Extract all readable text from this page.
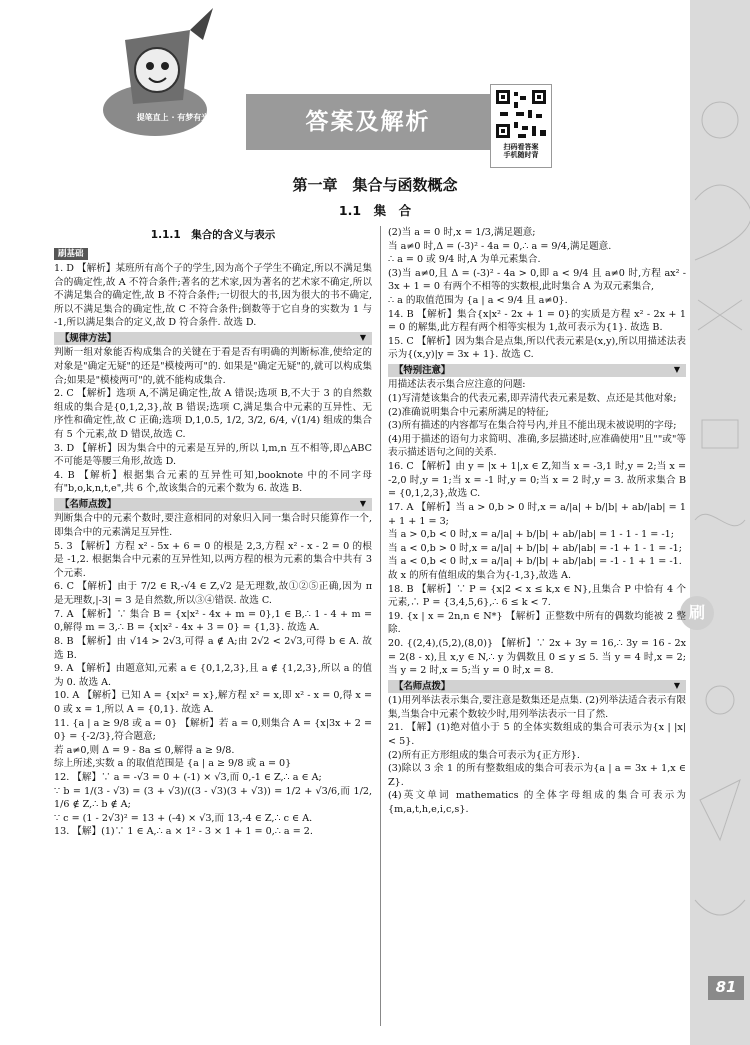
刷
提笔直上 · 有梦有光	答案及解析
扫码看答案
手机随时背
第一章　集合与函数概念
1.1　集　合
1.1.1　集合的含义与表示
刷基础
1. D 【解析】某班所有高个子的学生,因为高个子学生不确定,所以不满足集合的确定性,故 A 不符合条件;著名的艺术家,因为著名的艺术家不确定,所以不满足集合的确定性,故 B 不符合条件;一切很大的书,因为很大的书不确定,所以不满足集合的确定性,故 C 不符合条件;倒数等于它自身的实数为 1 与 -1,所以满足集合的定义,故 D 符合条件. 故选 D.
【规律方法】 ▼
判断一组对象能否构成集合的关键在于看是否有明确的判断标准,使给定的对象是"确定无疑"的还是"模棱两可"的. 如果是"确定无疑"的,就可以构成集合;如果是"模棱两可"的,就不能构成集合.
2. C 【解析】选项 A,不满足确定性,故 A 错误;选项 B,不大于 3 的自然数组成的集合是{0,1,2,3},故 B 错误;选项 C,满足集合中元素的互异性、无序性和确定性,故 C 正确;选项 D,1,0.5, 1/2, 3/2, 6/4, √(1/4) 组成的集合有 5 个元素,故 D 错误,故选 C.
3. D 【解析】因为集合中的元素是互异的,所以 l,m,n 互不相等,即△ABC 不可能是等腰三角形,故选 D.
4. B 【解析】根据集合元素的互异性可知,booknote 中的不同字母有"b,o,k,n,t,e",共 6 个,故该集合的元素个数为 6. 故选 B.
【名师点拨】 ▼
判断集合中的元素个数时,要注意相同的对象归入同一集合时只能算作一个,即集合中的元素满足互异性.
5. 3 【解析】方程 x² - 5x + 6 = 0 的根是 2,3,方程 x² - x - 2 = 0 的根是 -1,2. 根据集合中元素的互异性知,以两方程的根为元素的集合中共有 3 个元素.
6. C 【解析】由于 7/2 ∈ R,-√4 ∈ Z,√2 是无理数,故①②⑤正确,因为 π 是无理数,|-3| = 3 是自然数,所以③④错误. 故选 C.
7. A 【解析】∵ 集合 B = {x|x² - 4x + m = 0},1 ∈ B,∴ 1 - 4 + m = 0,解得 m = 3,∴ B = {x|x² - 4x + 3 = 0} = {1,3}. 故选 A.
8. B 【解析】由 √14 > 2√3,可得 a ∉ A;由 2√2 < 2√3,可得 b ∈ A. 故选 B.
9. A 【解析】由题意知,元素 a ∈ {0,1,2,3},且 a ∉ {1,2,3},所以 a 的值为 0. 故选 A.
10. A 【解析】已知 A = {x|x² = x},解方程 x² = x,即 x² - x = 0,得 x = 0 或 x = 1,所以 A = {0,1}. 故选 A.
11. {a | a ≥ 9/8 或 a = 0} 【解析】若 a = 0,则集合 A = {x|3x + 2 = 0} = {-2/3},符合题意;
若 a≠0,则 Δ = 9 - 8a ≤ 0,解得 a ≥ 9/8.
综上所述,实数 a 的取值范围是 {a | a ≥ 9/8 或 a = 0}
12. 【解】∵ a = -√3 = 0 + (-1) × √3,而 0,-1 ∈ Z,∴ a ∈ A;
∵ b = 1/(3 - √3) = (3 + √3)/((3 - √3)(3 + √3)) = 1/2 + √3/6,而 1/2, 1/6 ∉ Z,∴ b ∉ A;
∵ c = (1 - 2√3)² = 13 + (-4) × √3,而 13,-4 ∈ Z,∴ c ∈ A.
13. 【解】(1)∵ 1 ∈ A,∴ a × 1² - 3 × 1 + 1 = 0,∴ a = 2.
(2)当 a = 0 时,x = 1/3,满足题意;
当 a≠0 时,Δ = (-3)² - 4a = 0,∴ a = 9/4,满足题意.
∴ a = 0 或 9/4 时,A 为单元素集合.
(3)当 a≠0,且 Δ = (-3)² - 4a > 0,即 a < 9/4 且 a≠0 时,方程 ax² - 3x + 1 = 0 有两个不相等的实数根,此时集合 A 为双元素集合,
∴ a 的取值范围为 {a | a < 9/4 且 a≠0}.
14. B 【解析】集合{x|x² - 2x + 1 = 0}的实质是方程 x² - 2x + 1 = 0 的解集,此方程有两个相等实根为 1,故可表示为{1}. 故选 B.
15. C 【解析】因为集合是点集,所以代表元素是(x,y),所以用描述法表示为{(x,y)|y = 3x + 1}. 故选 C.
【特别注意】 ▼
用描述法表示集合应注意的问题:
(1)写清楚该集合的代表元素,即弄清代表元素是数、点还是其他对象;
(2)准确说明集合中元素所满足的特征;
(3)所有描述的内容都写在集合符号内,并且不能出现未被说明的字母;
(4)用于描述的语句力求简明、准确,多层描述时,应准确使用"且""或"等表示描述语句之间的关系.
16. C 【解析】由 y = |x + 1|,x ∈ Z,知当 x = -3,1 时,y = 2;当 x = -2,0 时,y = 1;当 x = -1 时,y = 0;当 x = 2 时,y = 3. 故所求集合 B = {0,1,2,3},故选 C.
17. A 【解析】当 a > 0,b > 0 时,x = a/|a| + b/|b| + ab/|ab| = 1 + 1 + 1 = 3;
当 a > 0,b < 0 时,x = a/|a| + b/|b| + ab/|ab| = 1 - 1 - 1 = -1;
当 a < 0,b > 0 时,x = a/|a| + b/|b| + ab/|ab| = -1 + 1 - 1 = -1;
当 a < 0,b < 0 时,x = a/|a| + b/|b| + ab/|ab| = -1 - 1 + 1 = -1.
故 x 的所有值组成的集合为{-1,3},故选 A.
18. B 【解析】∵ P = {x|2 < x ≤ k,x ∈ N},且集合 P 中恰有 4 个元素,∴ P = {3,4,5,6},∴ 6 ≤ k < 7.
19. {x | x = 2n,n ∈ N*} 【解析】正整数中所有的偶数均能被 2 整除.
20. {(2,4),(5,2),(8,0)} 【解析】∵ 2x + 3y = 16,∴ 3y = 16 - 2x = 2(8 - x),且 x,y ∈ N,∴ y 为偶数且 0 ≤ y ≤ 5. 当 y = 4 时,x = 2;当 y = 2 时,x = 5;当 y = 0 时,x = 8.
【名师点拨】 ▼
(1)用列举法表示集合,要注意是数集还是点集. (2)列举法适合表示有限集,当集合中元素个数较少时,用列举法表示一目了然.
21. 【解】(1)绝对值小于 5 的全体实数组成的集合可表示为{x | |x| < 5}.
(2)所有正方形组成的集合可表示为{正方形}.
(3)除以 3 余 1 的所有整数组成的集合可表示为{a | a = 3x + 1,x ∈ Z}.
(4)英文单词 mathematics 的全体字母组成的集合可表示为{m,a,t,h,e,i,c,s}.
81
